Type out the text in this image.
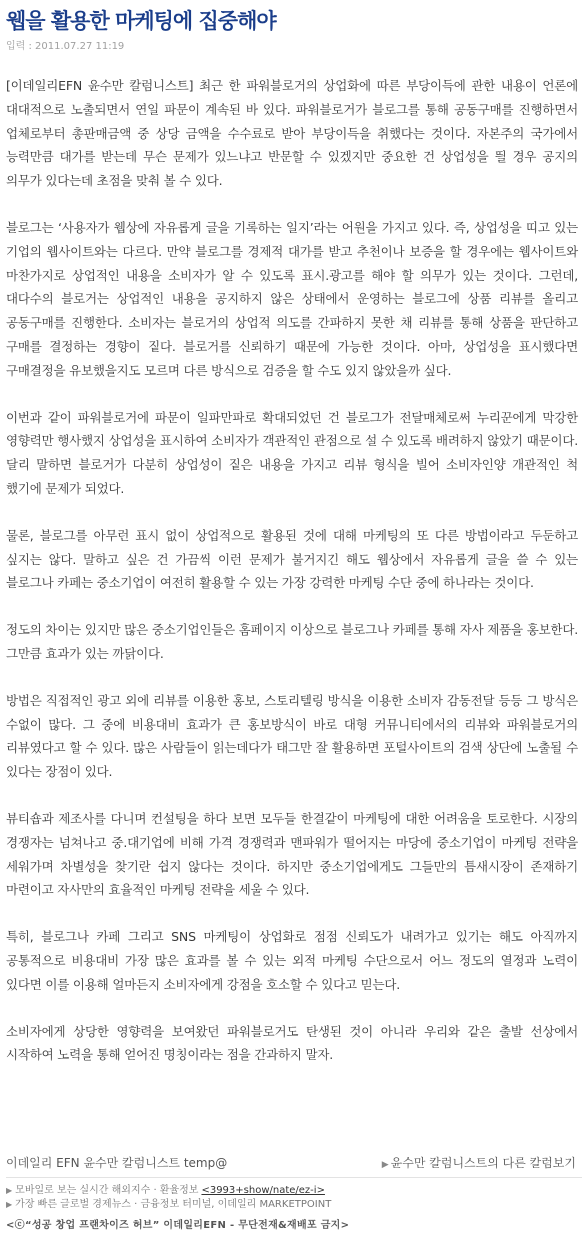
웹을 활용한 마케팅에 집중해야
입력 : 2011.07.27 11:19

[이데일리EFN 윤수만 칼럼니스트] 최근 한 파워블로거의 상업화에 따른 부당이득에 관한 내용이 언론에 대대적으로 노출되면서 연일 파문이 계속된 바 있다. 파워블로거가 블로그를 통해 공동구매를 진행하면서 업체로부터 총판매금액 중 상당 금액을 수수료로 받아 부당이득을 취했다는 것이다. 자본주의 국가에서 능력만큼 대가를 받는데 무슨 문제가 있느냐고 반문할 수 있겠지만 중요한 건 상업성을 띌 경우 공지의 의무가 있다는데 초점을 맞춰 볼 수 있다.

블로그는 ‘사용자가 웹상에 자유롭게 글을 기록하는 일지’라는 어원을 가지고 있다. 즉, 상업성을 띠고 있는 기업의 웹사이트와는 다르다. 만약 블로그를 경제적 대가를 받고 추천이나 보증을 할 경우에는 웹사이트와 마찬가지로 상업적인 내용을 소비자가 알 수 있도록 표시.광고를 해야 할 의무가 있는 것이다. 그런데, 대다수의 블로거는 상업적인 내용을 공지하지 않은 상태에서 운영하는 블로그에 상품 리뷰를 올리고 공동구매를 진행한다. 소비자는 블로거의 상업적 의도를 간파하지 못한 채 리뷰를 통해 상품을 판단하고 구매를 결정하는 경향이 짙다. 블로거를 신뢰하기 때문에 가능한 것이다. 아마, 상업성을 표시했다면 구매결정을 유보했을지도 모르며 다른 방식으로 검증을 할 수도 있지 않았을까 싶다.

이번과 같이 파워블로거에 파문이 일파만파로 확대되었던 건 블로그가 전달매체로써 누리꾼에게 막강한 영향력만 행사했지 상업성을 표시하여 소비자가 객관적인 관점으로 설 수 있도록 배려하지 않았기 때문이다. 달리 말하면 블로거가 다분히 상업성이 짙은 내용을 가지고 리뷰 형식을 빌어 소비자인양 개관적인 척 했기에 문제가 되었다.

물론, 블로그를 아무런 표시 없이 상업적으로 활용된 것에 대해 마케팅의 또 다른 방법이라고 두둔하고 싶지는 않다. 말하고 싶은 건 가끔씩 이런 문제가 불거지긴 해도 웹상에서 자유롭게 글을 쓸 수 있는 블로그나 카페는 중소기업이 여전히 활용할 수 있는 가장 강력한 마케팅 수단 중에 하나라는 것이다.

정도의 차이는 있지만 많은 중소기업인들은 홈페이지 이상으로 블로그나 카페를 통해 자사 제품을 홍보한다. 그만큼 효과가 있는 까닭이다.

방법은 직접적인 광고 외에 리뷰를 이용한 홍보, 스토리텔링 방식을 이용한 소비자 감동전달 등등 그 방식은 수없이 많다. 그 중에 비용대비 효과가 큰 홍보방식이 바로 대형 커뮤니티에서의 리뷰와 파워블로거의 리뷰였다고 할 수 있다. 많은 사람들이 읽는데다가 태그만 잘 활용하면 포털사이트의 검색 상단에 노출될 수 있다는 장점이 있다.

뷰티숍과 제조사를 다니며 컨설팅을 하다 보면 모두들 한결같이 마케팅에 대한 어려움을 토로한다. 시장의 경쟁자는 넘쳐나고 중.대기업에 비해 가격 경쟁력과 맨파워가 떨어지는 마당에 중소기업이 마케팅 전략을 세워가며 차별성을 찾기란 쉽지 않다는 것이다. 하지만 중소기업에게도 그들만의 틈새시장이 존재하기 마련이고 자사만의 효율적인 마케팅 전략을 세울 수 있다.

특히, 블로그나 카페 그리고 SNS 마케팅이 상업화로 점점 신뢰도가 내려가고 있기는 해도 아직까지 공통적으로 비용대비 가장 많은 효과를 볼 수 있는 외적 마케팅 수단으로서 어느 정도의 열정과 노력이 있다면 이를 이용해 얼마든지 소비자에게 강점을 호소할 수 있다고 믿는다.

소비자에게 상당한 영향력을 보여왔던 파워블로거도 탄생된 것이 아니라 우리와 같은 출발 선상에서 시작하여 노력을 통해 얻어진 명칭이라는 점을 간과하지 말자.

이데일리 EFN 윤수만 칼럼니스트 temp@	▶ 윤수만 칼럼니스트의 다른 칼럼보기
▶ 모바일로 보는 실시간 해외지수 · 환율정보 <3993+show/nate/ez-i>
▶ 가장 빠른 글로벌 경제뉴스 · 금융정보 터미널, 이데일리 MARKETPOINT
<ⓒ“성공 창업 프랜차이즈 허브” 이데일리EFN - 무단전재&재배포 금지>
